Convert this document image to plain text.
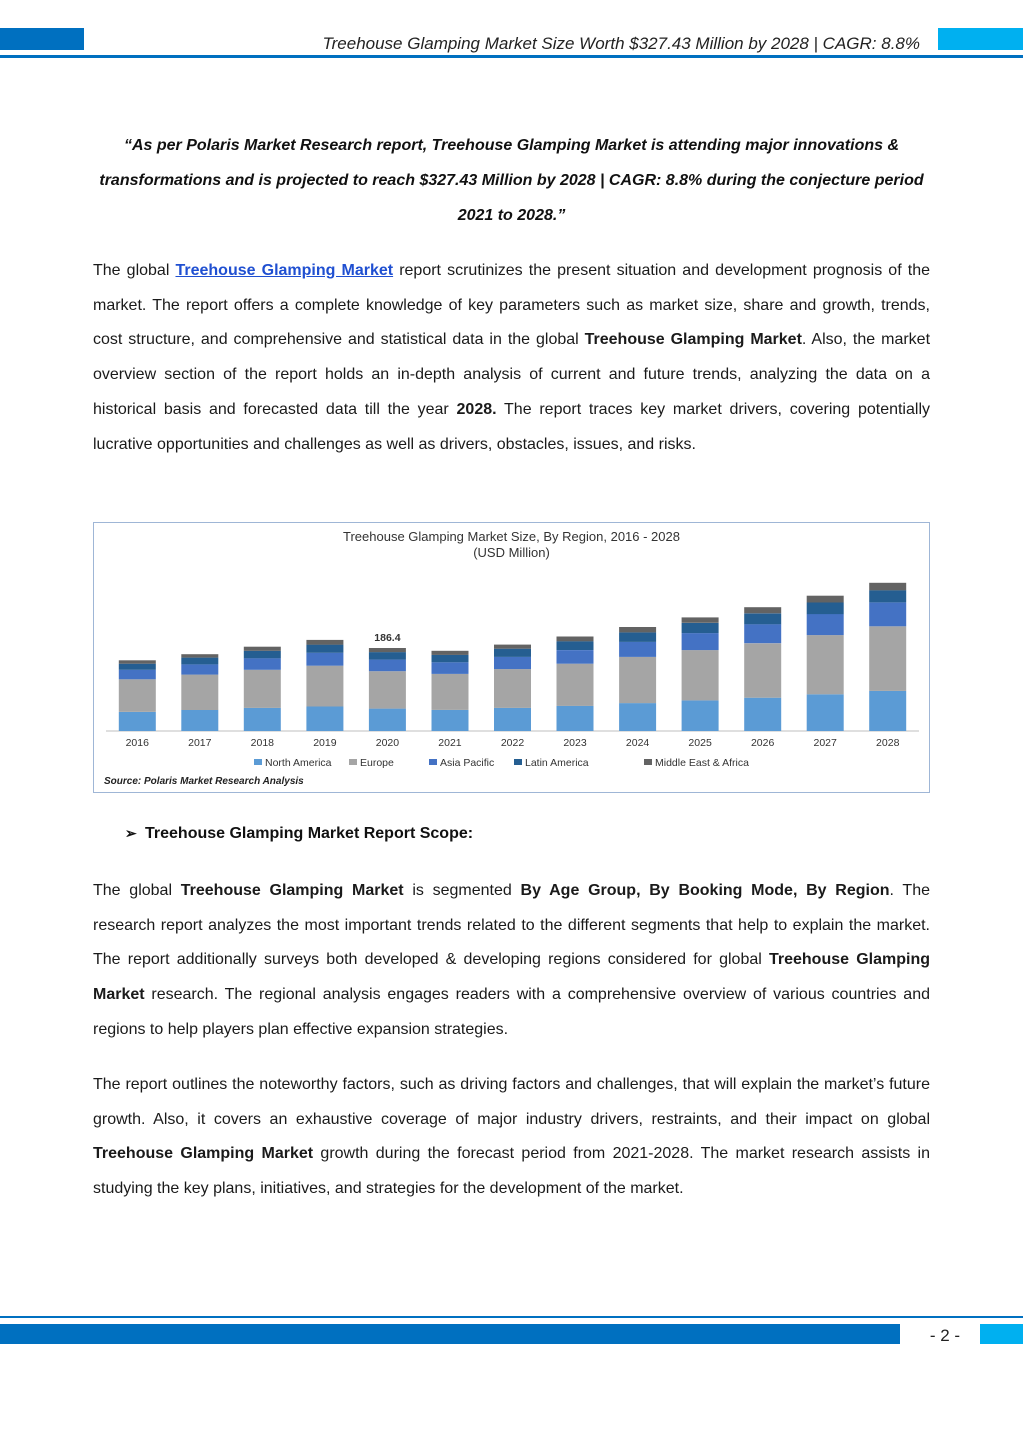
Treehouse Glamping Market Size Worth $327.43 Million by 2028 | CAGR: 8.8%
“As per Polaris Market Research report, Treehouse Glamping Market is attending major innovations & transformations and is projected to reach $327.43 Million by 2028 | CAGR: 8.8% during the conjecture period 2021 to 2028.”
The global Treehouse Glamping Market report scrutinizes the present situation and development prognosis of the market. The report offers a complete knowledge of key parameters such as market size, share and growth, trends, cost structure, and comprehensive and statistical data in the global Treehouse Glamping Market. Also, the market overview section of the report holds an in-depth analysis of current and future trends, analyzing the data on a historical basis and forecasted data till the year 2028. The report traces key market drivers, covering potentially lucrative opportunities and challenges as well as drivers, obstacles, issues, and risks.
Treehouse Glamping Market Size, By Region, 2016 - 2028
(USD Million)
2016	2017	2018	2019	2020
186.4
2021	2022	2023	2024	2025	2026	2027	2028
North America	Europe	Asia Pacific	Latin America	Middle East & Africa
Source: Polaris Market Research Analysis
➢ Treehouse Glamping Market Report Scope:
The global Treehouse Glamping Market is segmented By Age Group, By Booking Mode, By Region. The research report analyzes the most important trends related to the different segments that help to explain the market. The report additionally surveys both developed & developing regions considered for global Treehouse Glamping Market research. The regional analysis engages readers with a comprehensive overview of various countries and regions to help players plan effective expansion strategies.
The report outlines the noteworthy factors, such as driving factors and challenges, that will explain the market’s future growth. Also, it covers an exhaustive coverage of major industry drivers, restraints, and their impact on global Treehouse Glamping Market growth during the forecast period from 2021-2028. The market research assists in studying the key plans, initiatives, and strategies for the development of the market.
- 2 -
